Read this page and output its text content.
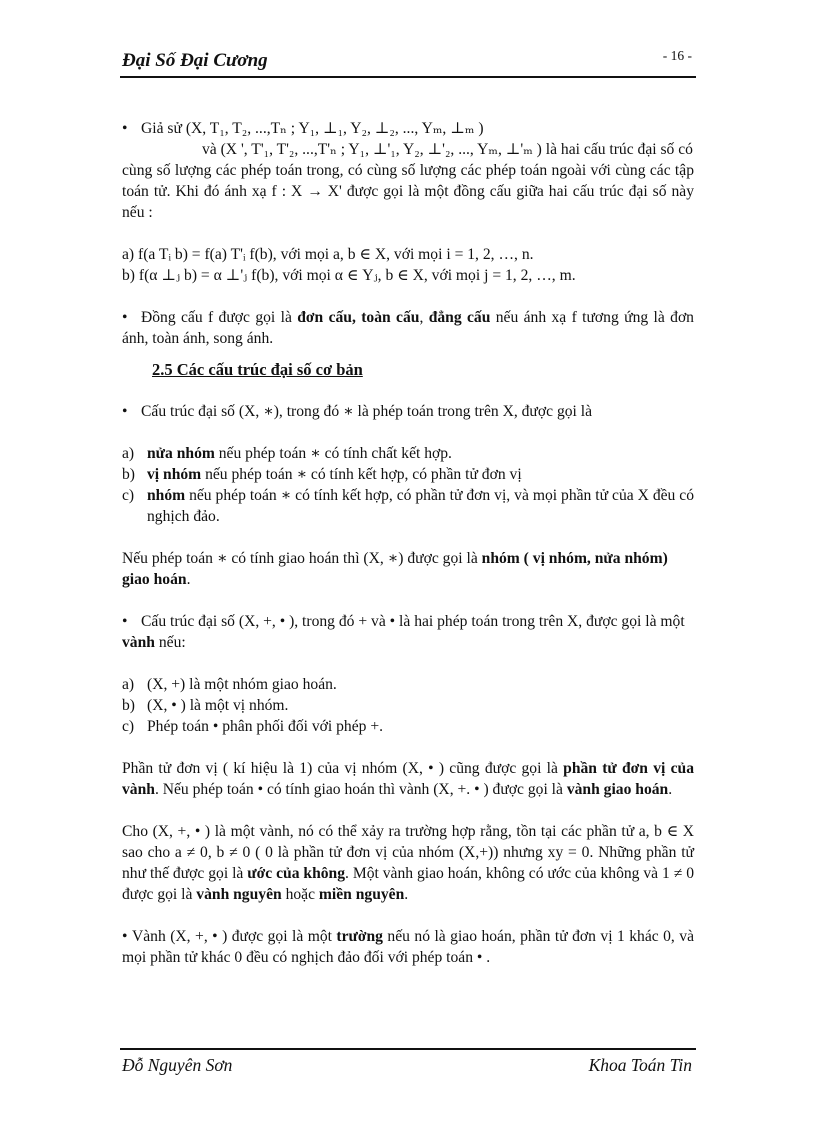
Đại Số Đại Cương	- 16 -

• Giả sử (X, T₁, T₂, ...,Tₙ ; Y₁, ⊥₁, Y₂, ⊥₂, ..., Yₘ, ⊥ₘ )

và (X ', T'₁, T'₂, ...,T'ₙ ; Y₁, ⊥'₁, Y₂, ⊥'₂, ..., Yₘ, ⊥'ₘ ) là hai cấu trúc đại số có

cùng số lượng các phép toán trong, có cùng số lượng các phép toán ngoài với cùng các tập toán tử. Khi đó ánh xạ f : X → X' được gọi là một đồng cấu giữa hai cấu trúc đại số này nếu :

a) f(a Tᵢ b) = f(a) T'ᵢ f(b), với mọi a, b ∈ X, với mọi i = 1, 2, …, n.

b) f(α ⊥ⱼ b) = α ⊥'ⱼ f(b), với mọi α ∈ Yⱼ, b ∈ X, với mọi j = 1, 2, …, m.

• Đồng cấu f được gọi là đơn cấu, toàn cấu, đẳng cấu nếu ánh xạ f tương ứng là đơn ánh, toàn ánh, song ánh.

2.5 Các cấu trúc đại số cơ bản

• Cấu trúc đại số (X, ∗), trong đó ∗ là phép toán trong trên X, được gọi là

a) nửa nhóm nếu phép toán ∗ có tính chất kết hợp.
b) vị nhóm nếu phép toán ∗ có tính kết hợp, có phần tử đơn vị
c) nhóm nếu phép toán ∗ có tính kết hợp, có phần tử đơn vị, và mọi phần tử của X đều có nghịch đảo.

Nếu phép toán ∗ có tính giao hoán thì (X, ∗) được gọi là nhóm ( vị nhóm, nửa nhóm) giao hoán.

• Cấu trúc đại số (X, +, • ), trong đó + và • là hai phép toán trong trên X, được gọi là một vành nếu:

a) (X, +) là một nhóm giao hoán.
b) (X, • ) là một vị nhóm.
c) Phép toán • phân phối đối với phép +.

Phần tử đơn vị ( kí hiệu là 1) của vị nhóm (X, • ) cũng được gọi là phần tử đơn vị của vành. Nếu phép toán • có tính giao hoán thì vành (X, +. • ) được gọi là vành giao hoán.

Cho (X, +, • ) là một vành, nó có thể xảy ra trường hợp rằng, tồn tại các phần tử a, b ∈ X sao cho a ≠ 0, b ≠ 0 ( 0 là phần tử đơn vị của nhóm (X,+)) nhưng xy = 0. Những phần tử như thế được gọi là ước của không. Một vành giao hoán, không có ước của không và 1 ≠ 0 được gọi là vành nguyên hoặc miền nguyên.

• Vành (X, +, • ) được gọi là một trường nếu nó là giao hoán, phần tử đơn vị 1 khác 0, và mọi phần tử khác 0 đều có nghịch đảo đối với phép toán • .

Đỗ Nguyên Sơn	Khoa Toán Tin
